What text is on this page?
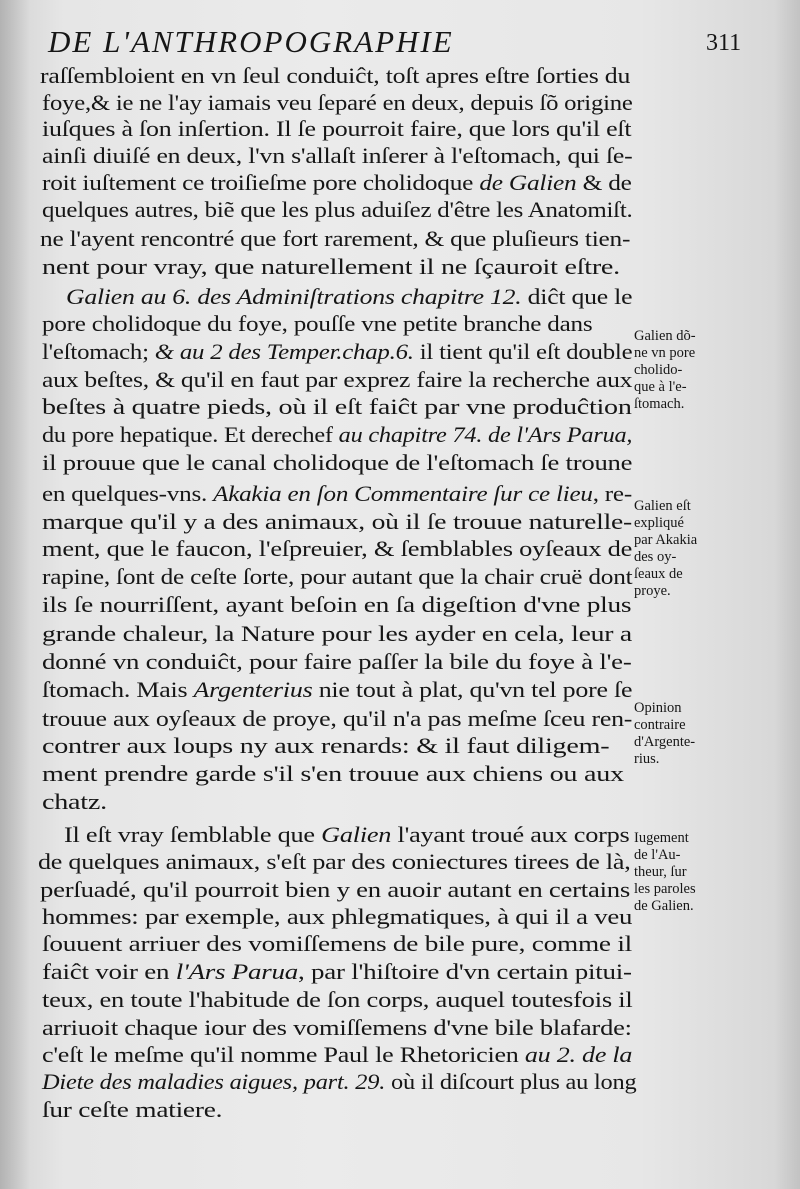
DE L'ANTHROPOGRAPHIE	311
raſſembloient en vn ſeul conduiĉt, toſt apres eſtre ſorties du
foye,& ie ne l'ay iamais veu ſeparé en deux, depuis ſõ origine
iuſques à ſon inſertion. Il ſe pourroit faire, que lors qu'il eſt
ainſi diuiſé en deux, l'vn s'allaſt inſerer à l'eſtomach, qui ſe-
roit iuſtement ce troiſieſme pore cholidoque de Galien & de
quelques autres, biẽ que les plus aduiſez d'être les Anatomiſt.
ne l'ayent rencontré que fort rarement, & que pluſieurs tien-
nent pour vray, que naturellement il ne ſçauroit eſtre.
Galien au 6. des Adminiſtrations chapitre 12. diĉt que le
pore cholidoque du foye, pouſſe vne petite branche dans
l'eſtomach; & au 2 des Temper.chap.6. il tient qu'il eſt double
aux beſtes, & qu'il en faut par exprez faire la recherche aux
beſtes à quatre pieds, où il eſt faiĉt par vne produĉtion
du pore hepatique. Et derechef au chapitre 74. de l'Ars Parua,
il prouue que le canal cholidoque de l'eſtomach ſe troune
en quelques-vns. Akakia en ſon Commentaire ſur ce lieu, re-
marque qu'il y a des animaux, où il ſe trouue naturelle-
ment, que le faucon, l'eſpreuier, & ſemblables oyſeaux de
rapine, ſont de ceſte ſorte, pour autant que la chair cruë dont
ils ſe nourriſſent, ayant beſoin en ſa digeſtion d'vne plus
grande chaleur, la Nature pour les ayder en cela, leur a
donné vn conduiĉt, pour faire paſſer la bile du foye à l'e-
ſtomach. Mais Argenterius nie tout à plat, qu'vn tel pore ſe
trouue aux oyſeaux de proye, qu'il n'a pas meſme ſceu ren-
contrer aux loups ny aux renards: & il faut diligem-
ment prendre garde s'il s'en trouue aux chiens ou aux
chatz.
Il eſt vray ſemblable que Galien l'ayant troué aux corps
de quelques animaux, s'eſt par des coniectures tirees de là,
perſuadé, qu'il pourroit bien y en auoir autant en certains
hommes: par exemple, aux phlegmatiques, à qui il a veu
ſouuent arriuer des vomiſſemens de bile pure, comme il
faiĉt voir en l'Ars Parua, par l'hiſtoire d'vn certain pitui-
teux, en toute l'habitude de ſon corps, auquel toutesfois il
arriuoit chaque iour des vomiſſemens d'vne bile blafarde:
c'eſt le meſme qu'il nomme Paul le Rhetoricien au 2. de la
Diete des maladies aigues, part. 29. où il diſcourt plus au long
ſur ceſte matiere.
Galien dõ-
ne vn pore
cholido-
que à l'e-
ſtomach.
Galien eſt
expliqué
par Akakia
des oy-
ſeaux de
proye.
Opinion
contraire
d'Argente-
rius.
Iugement
de l'Au-
theur, ſur
les paroles
de Galien.
